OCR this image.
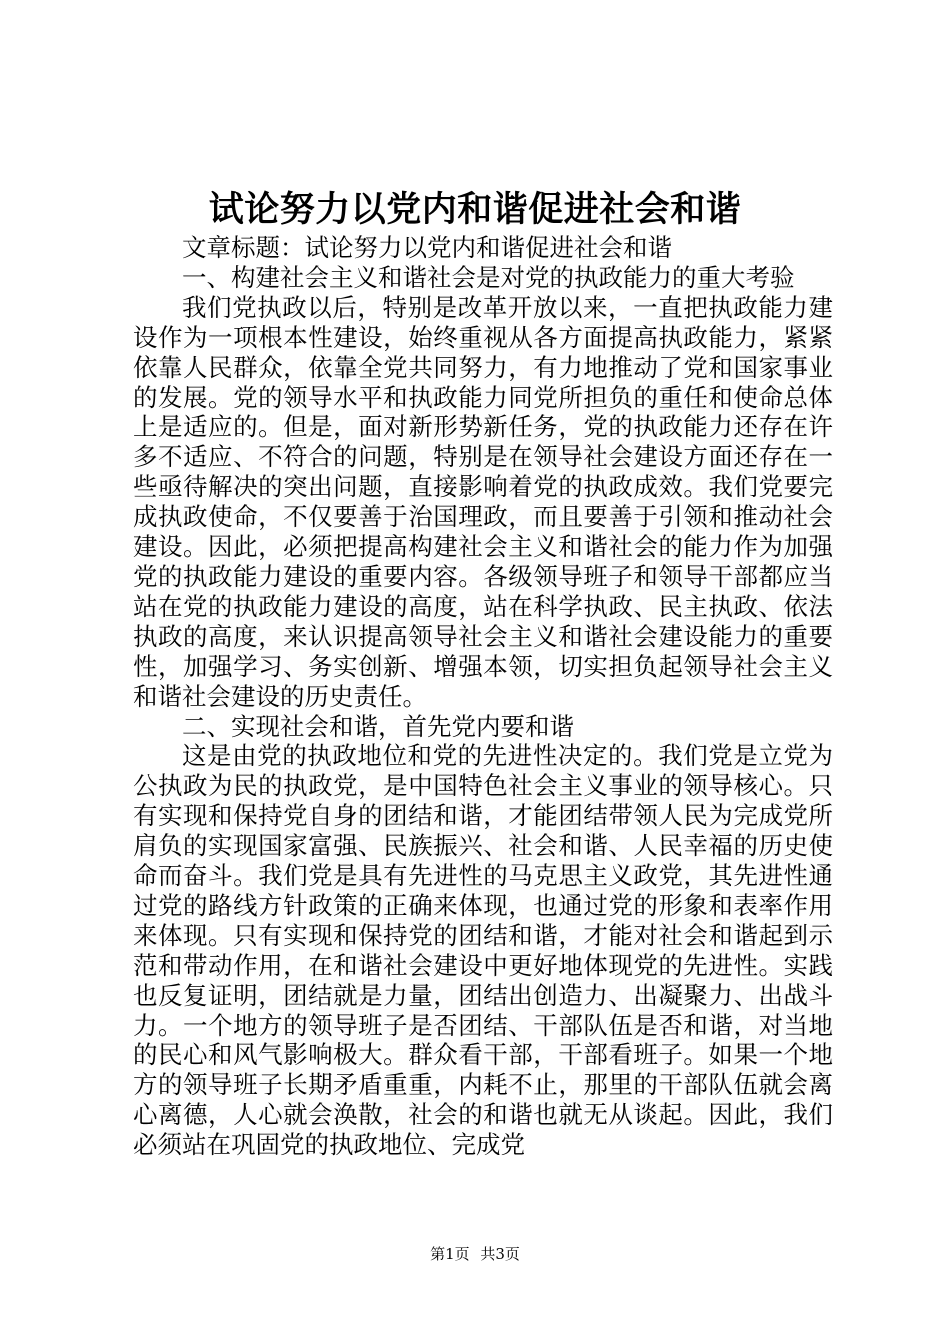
试论努力以党内和谐促进社会和谐

文章标题：试论努力以党内和谐促进社会和谐

一、构建社会主义和谐社会是对党的执政能力的重大考验

我们党执政以后，特别是改革开放以来，一直把执政能力建设作为一项根本性建设，始终重视从各方面提高执政能力，紧紧依靠人民群众，依靠全党共同努力，有力地推动了党和国家事业的发展。党的领导水平和执政能力同党所担负的重任和使命总体上是适应的。但是，面对新形势新任务，党的执政能力还存在许多不适应、不符合的问题，特别是在领导社会建设方面还存在一些亟待解决的突出问题，直接影响着党的执政成效。我们党要完成执政使命，不仅要善于治国理政，而且要善于引领和推动社会建设。因此，必须把提高构建社会主义和谐社会的能力作为加强党的执政能力建设的重要内容。各级领导班子和领导干部都应当站在党的执政能力建设的高度，站在科学执政、民主执政、依法执政的高度，来认识提高领导社会主义和谐社会建设能力的重要性，加强学习、务实创新、增强本领，切实担负起领导社会主义和谐社会建设的历史责任。

二、实现社会和谐，首先党内要和谐

这是由党的执政地位和党的先进性决定的。我们党是立党为公执政为民的执政党，是中国特色社会主义事业的领导核心。只有实现和保持党自身的团结和谐，才能团结带领人民为完成党所肩负的实现国家富强、民族振兴、社会和谐、人民幸福的历史使命而奋斗。我们党是具有先进性的马克思主义政党，其先进性通过党的路线方针政策的正确来体现，也通过党的形象和表率作用来体现。只有实现和保持党的团结和谐，才能对社会和谐起到示范和带动作用，在和谐社会建设中更好地体现党的先进性。实践也反复证明，团结就是力量，团结出创造力、出凝聚力、出战斗力。一个地方的领导班子是否团结、干部队伍是否和谐，对当地的民心和风气影响极大。群众看干部，干部看班子。如果一个地方的领导班子长期矛盾重重，内耗不止，那里的干部队伍就会离心离德，人心就会涣散，社会的和谐也就无从谈起。因此，我们必须站在巩固党的执政地位、完成党

第1页 共3页
